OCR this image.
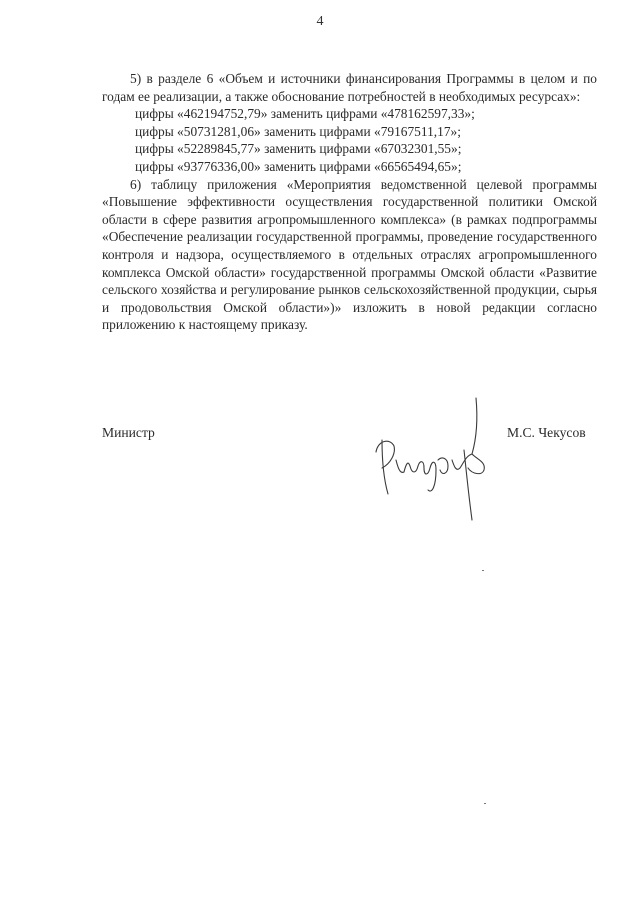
4

5) в разделе 6 «Объем и источники финансирования Программы в целом и по годам ее реализации, а также обоснование потребностей в необходимых ресурсах»:

цифры «462194752,79» заменить цифрами «478162597,33»;

цифры «50731281,06» заменить цифрами «79167511,17»;

цифры «52289845,77» заменить цифрами «67032301,55»;

цифры «93776336,00» заменить цифрами «66565494,65»;

6) таблицу приложения «Мероприятия ведомственной целевой программы «Повышение эффективности осуществления государственной политики Омской области в сфере развития агропромышленного комплекса» (в рамках подпрограммы «Обеспечение реализации государственной программы, проведение государственного контроля и надзора, осуществляемого в отдельных отраслях агропромышленного комплекса Омской области» государственной программы Омской области «Развитие сельского хозяйства и регулирование рынков сельскохозяйственной продукции, сырья и продовольствия Омской области»)» изложить в новой редакции согласно приложению к настоящему приказу.

Министр	М.С. Чекусов
